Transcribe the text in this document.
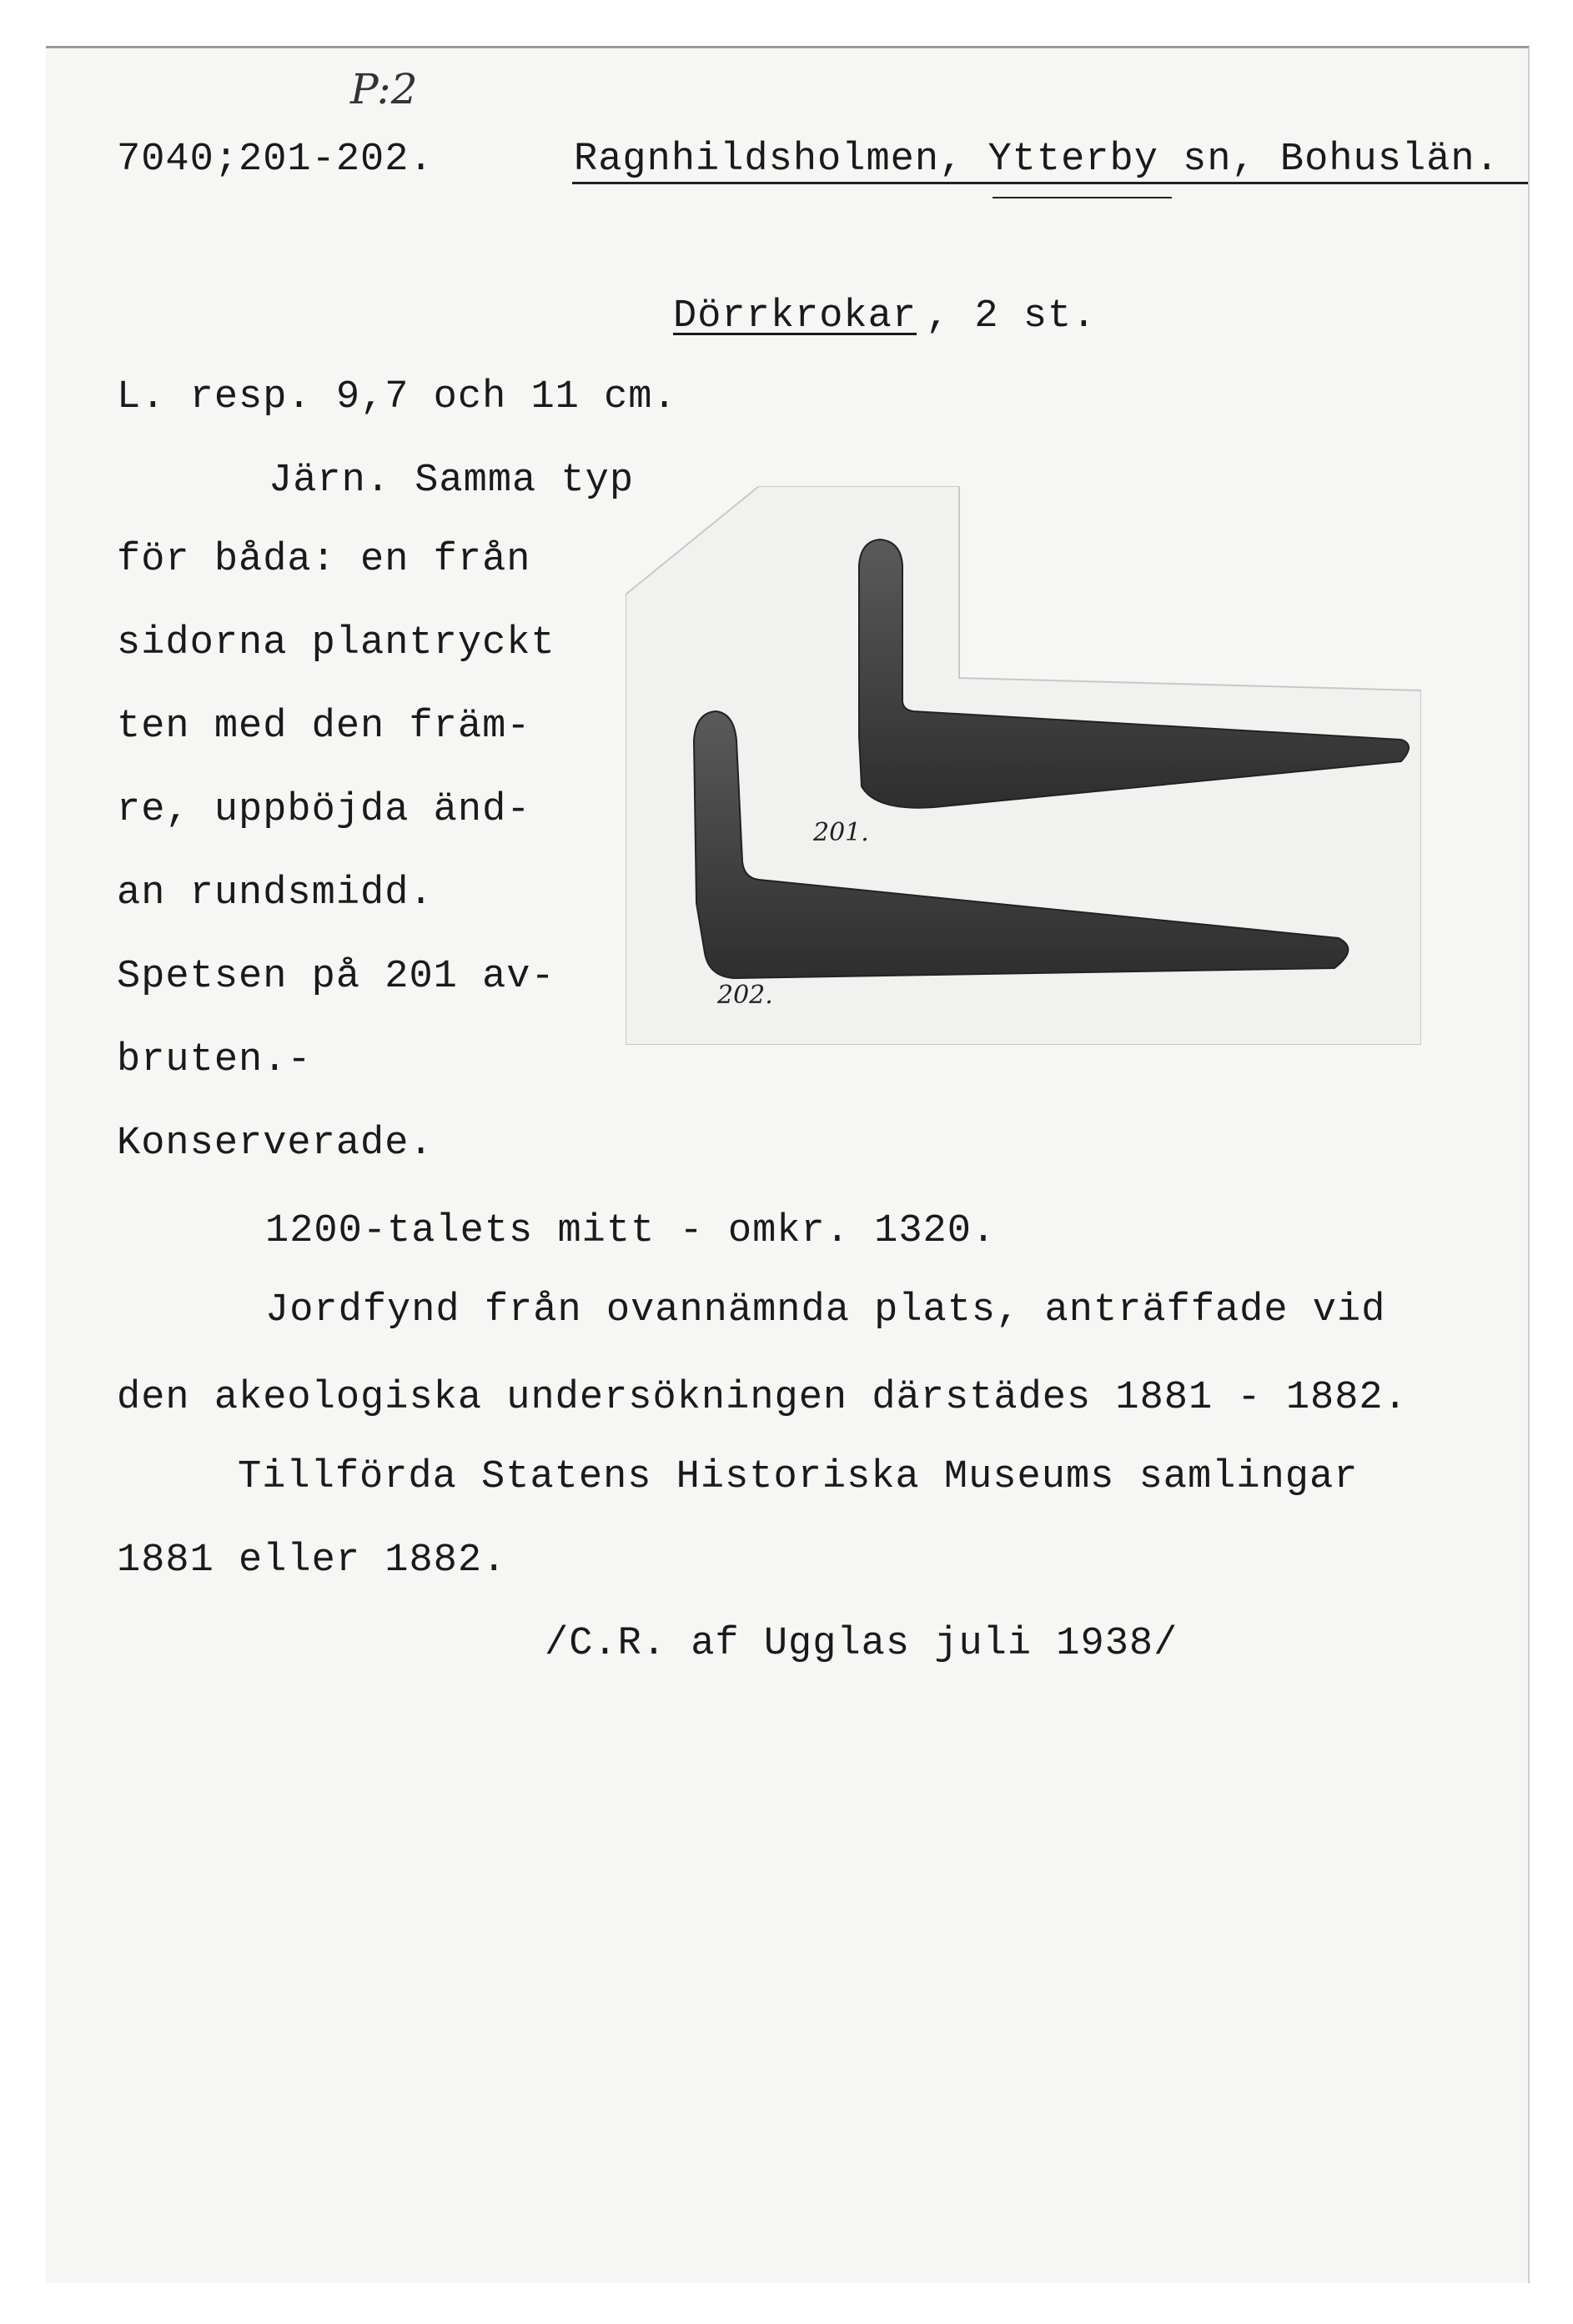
P:2
7040;201-202.	Ragnhildsholmen, Ytterby sn, Bohuslän.
Dörrkrokar , 2 st.
L. resp. 9,7 och 11 cm.
Järn. Samma typ
för båda: en från
sidorna plantryckt
ten med den främ-
re, uppböjda änd-
an rundsmidd.
Spetsen på 201 av-
bruten.-
Konserverade.
201.
202.
1200-talets mitt - omkr. 1320.
Jordfynd från ovannämnda plats, anträffade vid
den akeologiska undersökningen därstädes 1881 - 1882.
Tillförda Statens Historiska Museums samlingar
1881 eller 1882.
/C.R. af Ugglas juli 1938/
